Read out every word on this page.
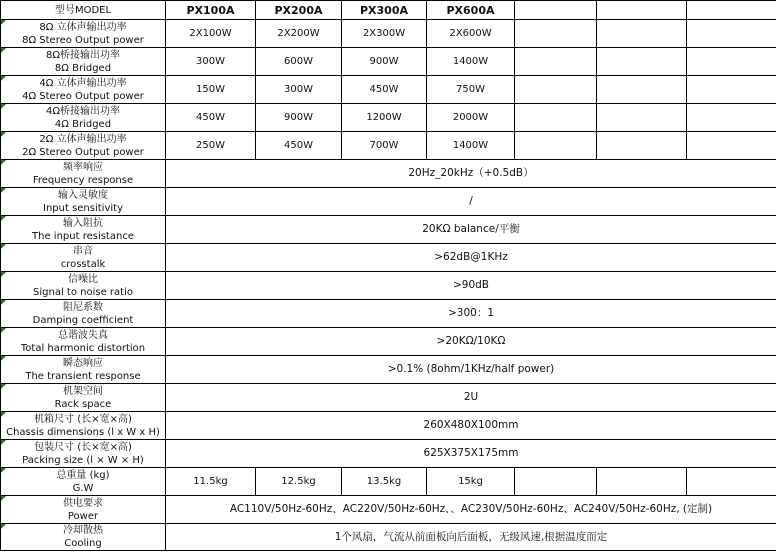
型号MODEL	PX100A	PX200A	PX300A	PX600A			

8Ω 立体声输出功率
8Ω Stereo Output power	2X100W	2X200W	2X300W	2X600W			

8Ω桥接输出功率
8Ω Bridged	300W	600W	900W	1400W			

4Ω 立体声输出功率
4Ω Stereo Output power	150W	300W	450W	750W			

4Ω桥接输出功率
4Ω Bridged	450W	900W	1200W	2000W			

2Ω 立体声输出功率
2Ω Stereo Output power	250W	450W	700W	1400W			

频率响应
Frequency response	20Hz_20kHz（+0.5dB）						

输入灵敏度
Input sensitivity	/						

输入阻抗
The input resistance	20KΩ balance/平衡						

串音
crosstalk	>62dB@1KHz						

信噪比
Signal to noise ratio	>90dB						

阻尼系数
Damping coefficient	>300：1						

总谐波失真
Total harmonic distortion	>20KΩ/10KΩ						

瞬态响应
The transient response	>0.1% (8ohm/1KHz/half power)						

机架空间
Rack space	2U						

机箱尺寸 (长×宽×高)
Chassis dimensions (l x W x H)	260X480X100mm						

包装尺寸 (长×宽×高)
Packing size (l × W × H)	625X375X175mm						

总重量 (kg)
G.W	11.5kg	12.5kg	13.5kg	15kg			

供电要求
Power	AC110V/50Hz-60Hz、AC220V/50Hz-60Hz、、AC230V/50Hz-60Hz、AC240V/50Hz-60Hz, (定制)						

冷却散热
Cooling	1个风扇，气流从前面板向后面板，无级风速,根据温度而定						
